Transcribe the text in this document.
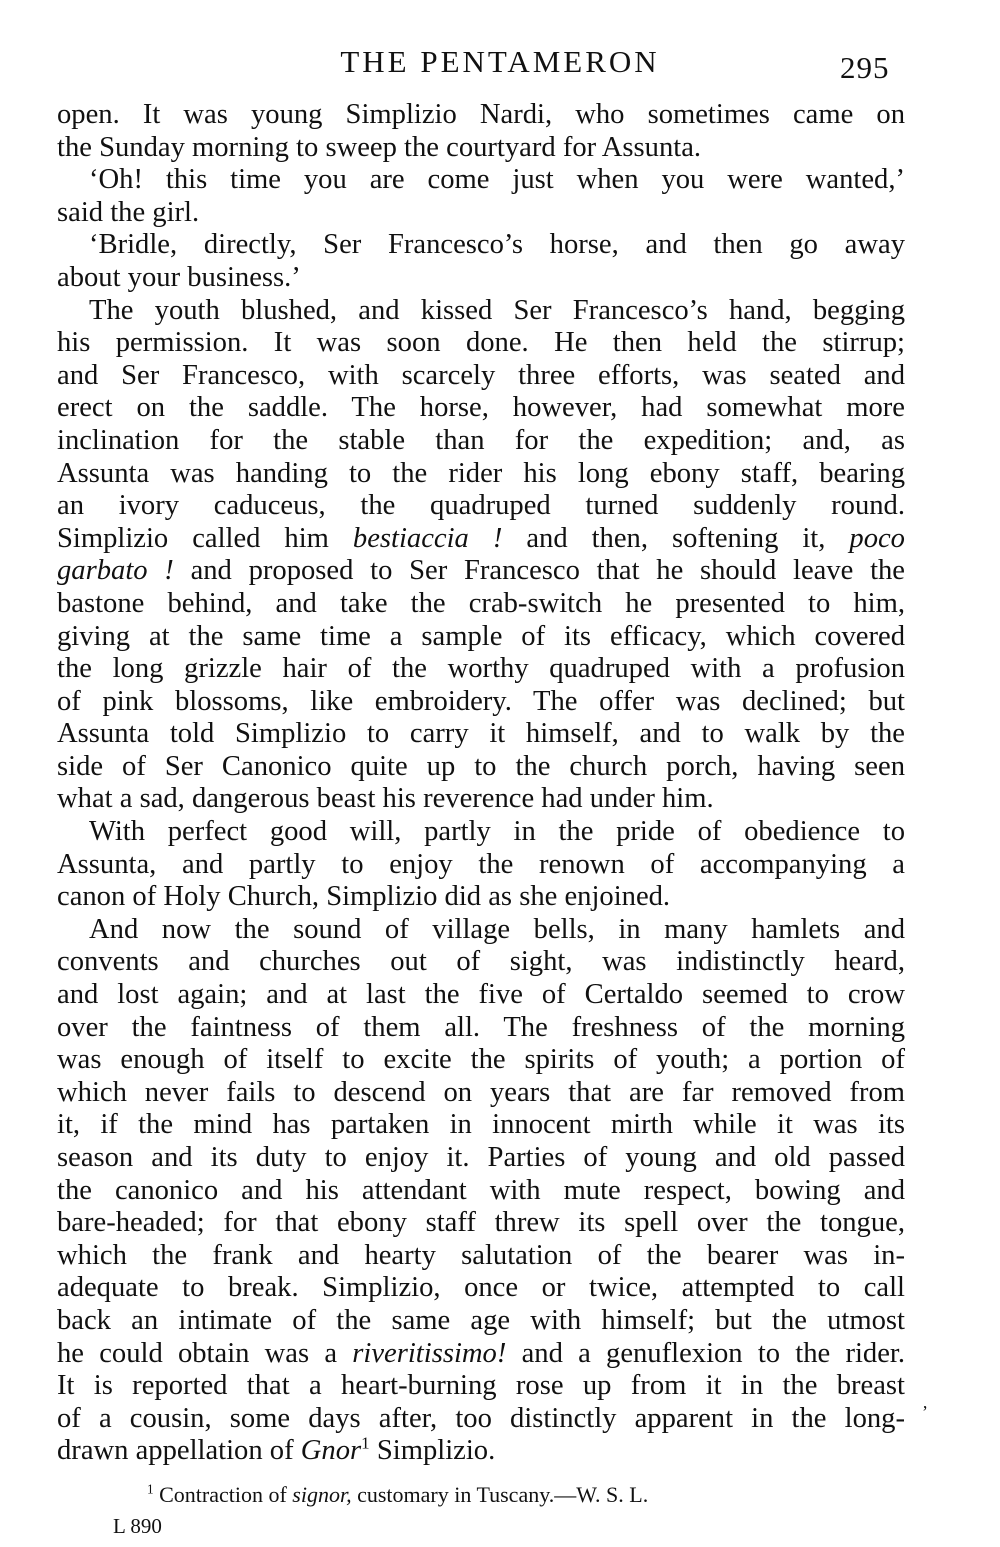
THE PENTAMERON	295
open. It was young Simplizio Nardi, who sometimes came on
the Sunday morning to sweep the courtyard for Assunta.
‘Oh! this time you are come just when you were wanted,’
said the girl.
‘Bridle, directly, Ser Francesco’s horse, and then go away
about your business.’
The youth blushed, and kissed Ser Francesco’s hand, begging
his permission. It was soon done. He then held the stirrup;
and Ser Francesco, with scarcely three efforts, was seated and
erect on the saddle. The horse, however, had somewhat more
inclination for the stable than for the expedition; and, as
Assunta was handing to the rider his long ebony staff, bearing
an ivory caduceus, the quadruped turned suddenly round.
Simplizio called him bestiaccia ! and then, softening it, poco
garbato ! and proposed to Ser Francesco that he should leave the
bastone behind, and take the crab-switch he presented to him,
giving at the same time a sample of its efficacy, which covered
the long grizzle hair of the worthy quadruped with a profusion
of pink blossoms, like embroidery. The offer was declined; but
Assunta told Simplizio to carry it himself, and to walk by the
side of Ser Canonico quite up to the church porch, having seen
what a sad, dangerous beast his reverence had under him.
With perfect good will, partly in the pride of obedience to
Assunta, and partly to enjoy the renown of accompanying a
canon of Holy Church, Simplizio did as she enjoined.
And now the sound of village bells, in many hamlets and
convents and churches out of sight, was indistinctly heard,
and lost again; and at last the five of Certaldo seemed to crow
over the faintness of them all. The freshness of the morning
was enough of itself to excite the spirits of youth; a portion of
which never fails to descend on years that are far removed from
it, if the mind has partaken in innocent mirth while it was its
season and its duty to enjoy it. Parties of young and old passed
the canonico and his attendant with mute respect, bowing and
bare-headed; for that ebony staff threw its spell over the tongue,
which the frank and hearty salutation of the bearer was in-
adequate to break. Simplizio, once or twice, attempted to call
back an intimate of the same age with himself; but the utmost
he could obtain was a riveritissimo! and a genuflexion to the rider.
It is reported that a heart-burning rose up from it in the breast
of a cousin, some days after, too distinctly apparent in the long-
drawn appellation of Gnor$^1$ Simplizio.
‚
$^1$ Contraction of signor, customary in Tuscany.—W. S. L.
L 890
